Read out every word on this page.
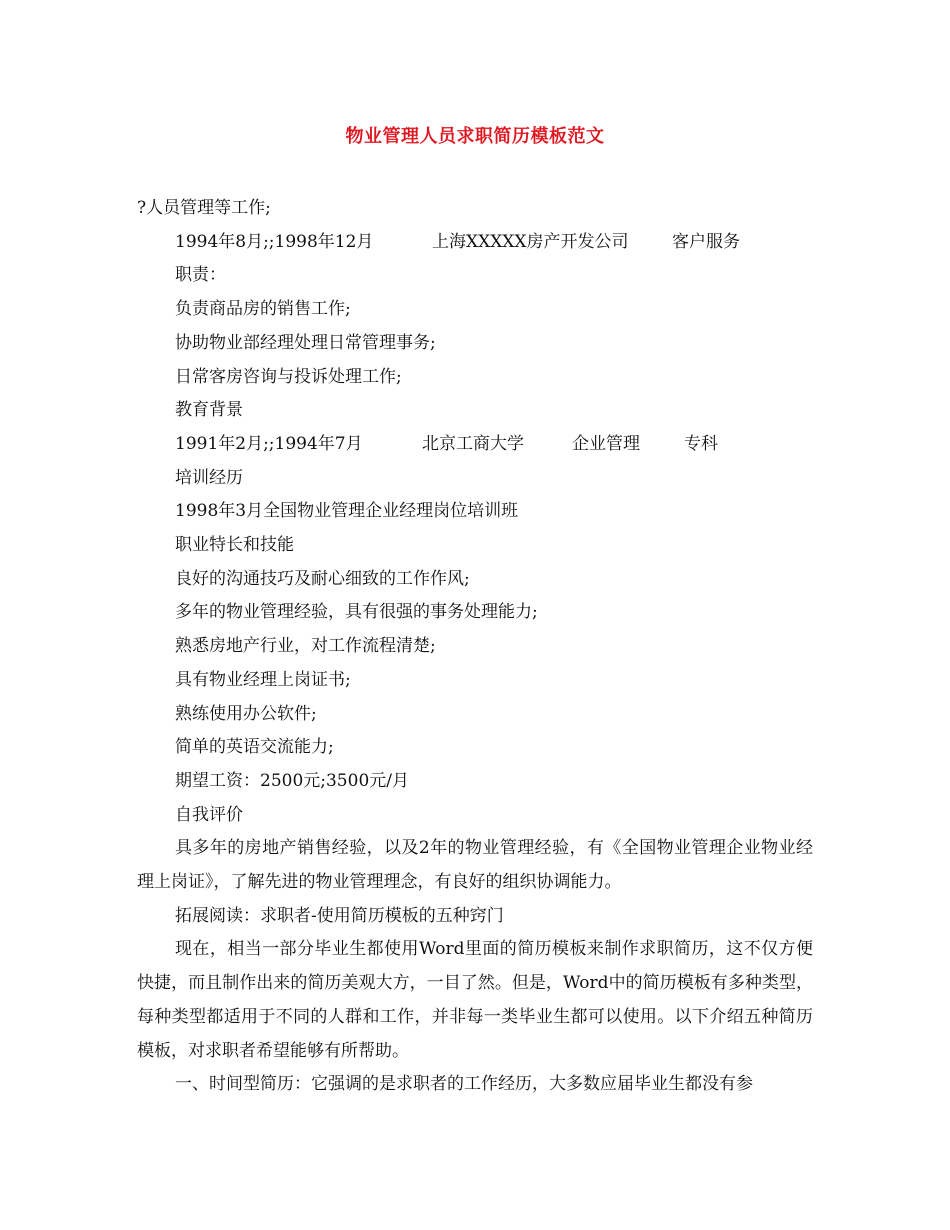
物业管理人员求职简历模板范文

?人员管理等工作;

1994年8月;;1998年12月	上海XXXXX房产开发公司	客户服务

职责：

负责商品房的销售工作;

协助物业部经理处理日常管理事务;

日常客房咨询与投诉处理工作;

教育背景

1991年2月;;1994年7月	北京工商大学	企业管理	专科

培训经历

1998年3月全国物业管理企业经理岗位培训班

职业特长和技能

良好的沟通技巧及耐心细致的工作作风;

多年的物业管理经验，具有很强的事务处理能力;

熟悉房地产行业，对工作流程清楚;

具有物业经理上岗证书;

熟练使用办公软件;

简单的英语交流能力;

期望工资：2500元;3500元/月

自我评价

具多年的房地产销售经验，以及2年的物业管理经验，有《全国物业管理企业物业经理上岗证》，了解先进的物业管理理念，有良好的组织协调能力。

拓展阅读：求职者-使用简历模板的五种窍门

现在，相当一部分毕业生都使用Word里面的简历模板来制作求职简历，这不仅方便快捷，而且制作出来的简历美观大方，一目了然。但是，Word中的简历模板有多种类型，每种类型都适用于不同的人群和工作，并非每一类毕业生都可以使用。以下介绍五种简历模板，对求职者希望能够有所帮助。

一、时间型简历：它强调的是求职者的工作经历，大多数应届毕业生都没有参
